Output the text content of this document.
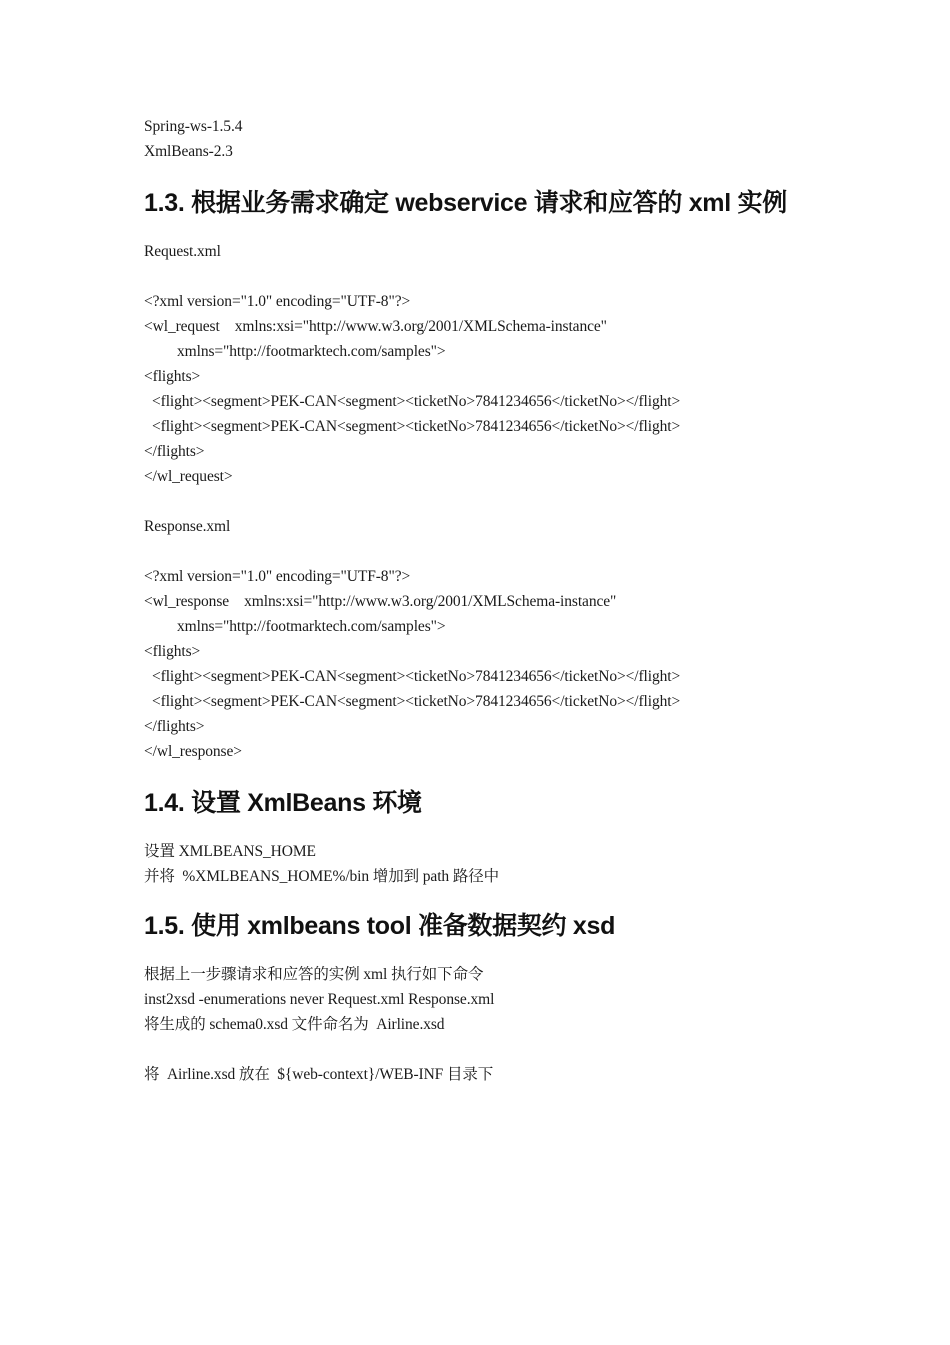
Spring-ws-1.5.4
XmlBeans-2.3
1.3. 根据业务需求确定 webservice 请求和应答的 xml 实例
Request.xml
<?xml version="1.0" encoding="UTF-8"?>
<wl_request    xmlns:xsi="http://www.w3.org/2001/XMLSchema-instance"
xmlns="http://footmarktech.com/samples">
<flights>
<flight><segment>PEK-CAN<segment><ticketNo>7841234656</ticketNo></flight>
<flight><segment>PEK-CAN<segment><ticketNo>7841234656</ticketNo></flight>
</flights>
</wl_request>
Response.xml
<?xml version="1.0" encoding="UTF-8"?>
<wl_response    xmlns:xsi="http://www.w3.org/2001/XMLSchema-instance"
xmlns="http://footmarktech.com/samples">
<flights>
<flight><segment>PEK-CAN<segment><ticketNo>7841234656</ticketNo></flight>
<flight><segment>PEK-CAN<segment><ticketNo>7841234656</ticketNo></flight>
</flights>
</wl_response>
1.4. 设置 XmlBeans 环境
设置 XMLBEANS_HOME
并将  %XMLBEANS_HOME%/bin 增加到 path 路径中
1.5. 使用 xmlbeans tool 准备数据契约 xsd
根据上一步骤请求和应答的实例 xml 执行如下命令
inst2xsd -enumerations never Request.xml Response.xml
将生成的 schema0.xsd 文件命名为  Airline.xsd
将  Airline.xsd 放在  ${web-context}/WEB-INF 目录下
